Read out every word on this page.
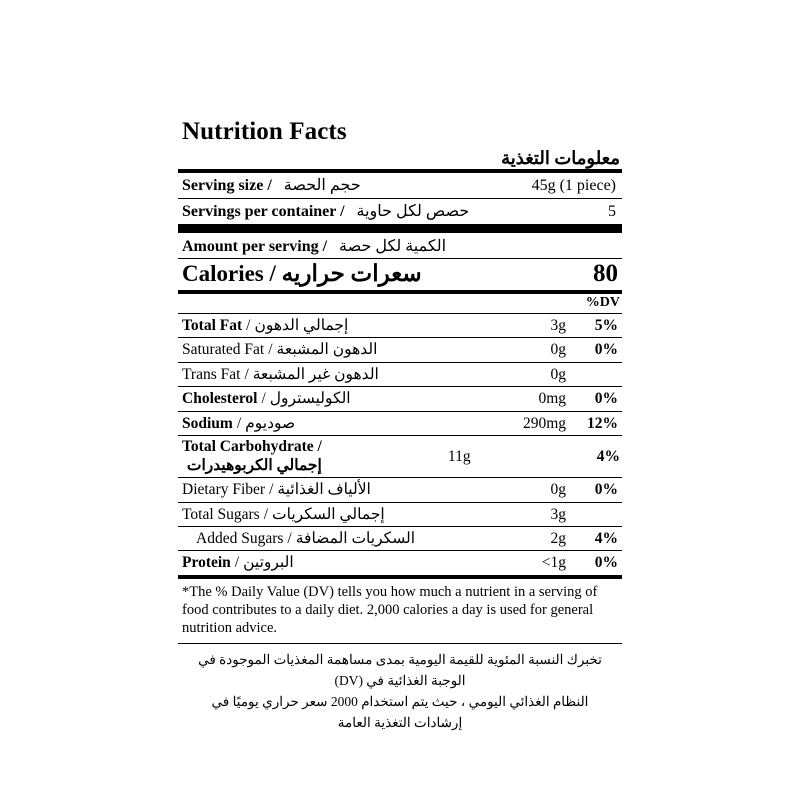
Nutrition Facts
معلومات التغذية
Serving size / حجم الحصة	45g (1 piece)
Servings per container / حصص لكل حاوية	5
Amount per serving / الكمية لكل حصة
Calories /
سعرات حراريه	80
%DV
Total Fat / إجمالي الدهون	3g	5%
Saturated Fat / الدهون المشبعة	0g	0%
Trans Fat / الدهون غير المشبعة	0g
Cholesterol / الكوليسترول	0mg	0%
Sodium / صوديوم	290mg	12%
Total Carbohydrate /
إجمالي الكربوهيدرات
11g	4%
Dietary Fiber / الألياف الغذائية	0g	0%
Total Sugars / إجمالي السكريات	3g
Added Sugars / السكريات المضافة	2g	4%
Protein / البروتين	<1g	0%
*The % Daily Value (DV) tells you how much a nutrient in a serving of food contributes to a daily diet. 2,000 calories a day is used for general nutrition advice.
تخبرك النسبة المئوية للقيمة اليومية بمدى مساهمة المغذيات الموجودة في الوجبة الغذائية في (DV)
النظام الغذائي اليومي ، حيث يتم استخدام 2000 سعر حراري يوميًا في إرشادات التغذية العامة
